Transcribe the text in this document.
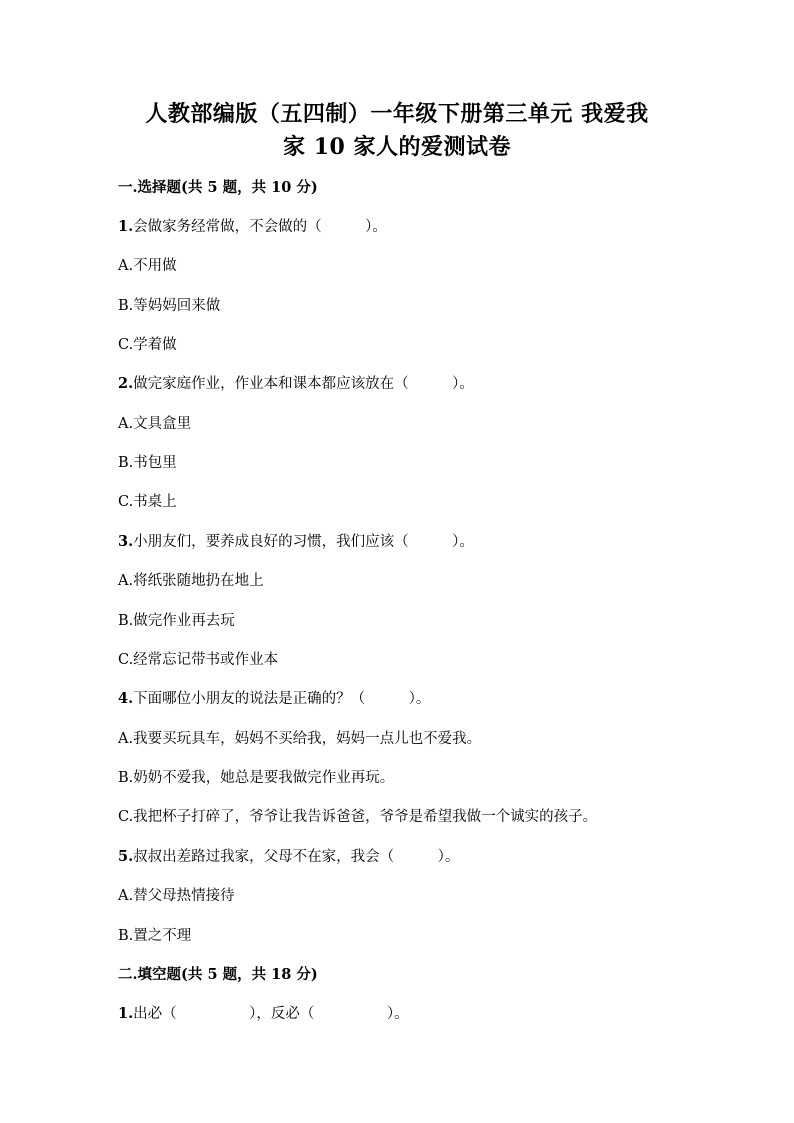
人教部编版（五四制）一年级下册第三单元 我爱我
家 10 家人的爱测试卷
一.选择题(共 5 题，共 10 分)
1.会做家务经常做，不会做的（　　　）。
A.不用做
B.等妈妈回来做
C.学着做
2.做完家庭作业，作业本和课本都应该放在（　　　）。
A.文具盒里
B.书包里
C.书桌上
3.小朋友们，要养成良好的习惯，我们应该（　　　）。
A.将纸张随地扔在地上
B.做完作业再去玩
C.经常忘记带书或作业本
4.下面哪位小朋友的说法是正确的？（　　　）。
A.我要买玩具车，妈妈不买给我，妈妈一点儿也不爱我。
B.奶奶不爱我，她总是要我做完作业再玩。
C.我把杯子打碎了，爷爷让我告诉爸爸，爷爷是希望我做一个诚实的孩子。
5.叔叔出差路过我家，父母不在家，我会（　　　）。
A.替父母热情接待
B.置之不理
二.填空题(共 5 题，共 18 分)
1.出必（　　　　　），反必（　　　　　）。
